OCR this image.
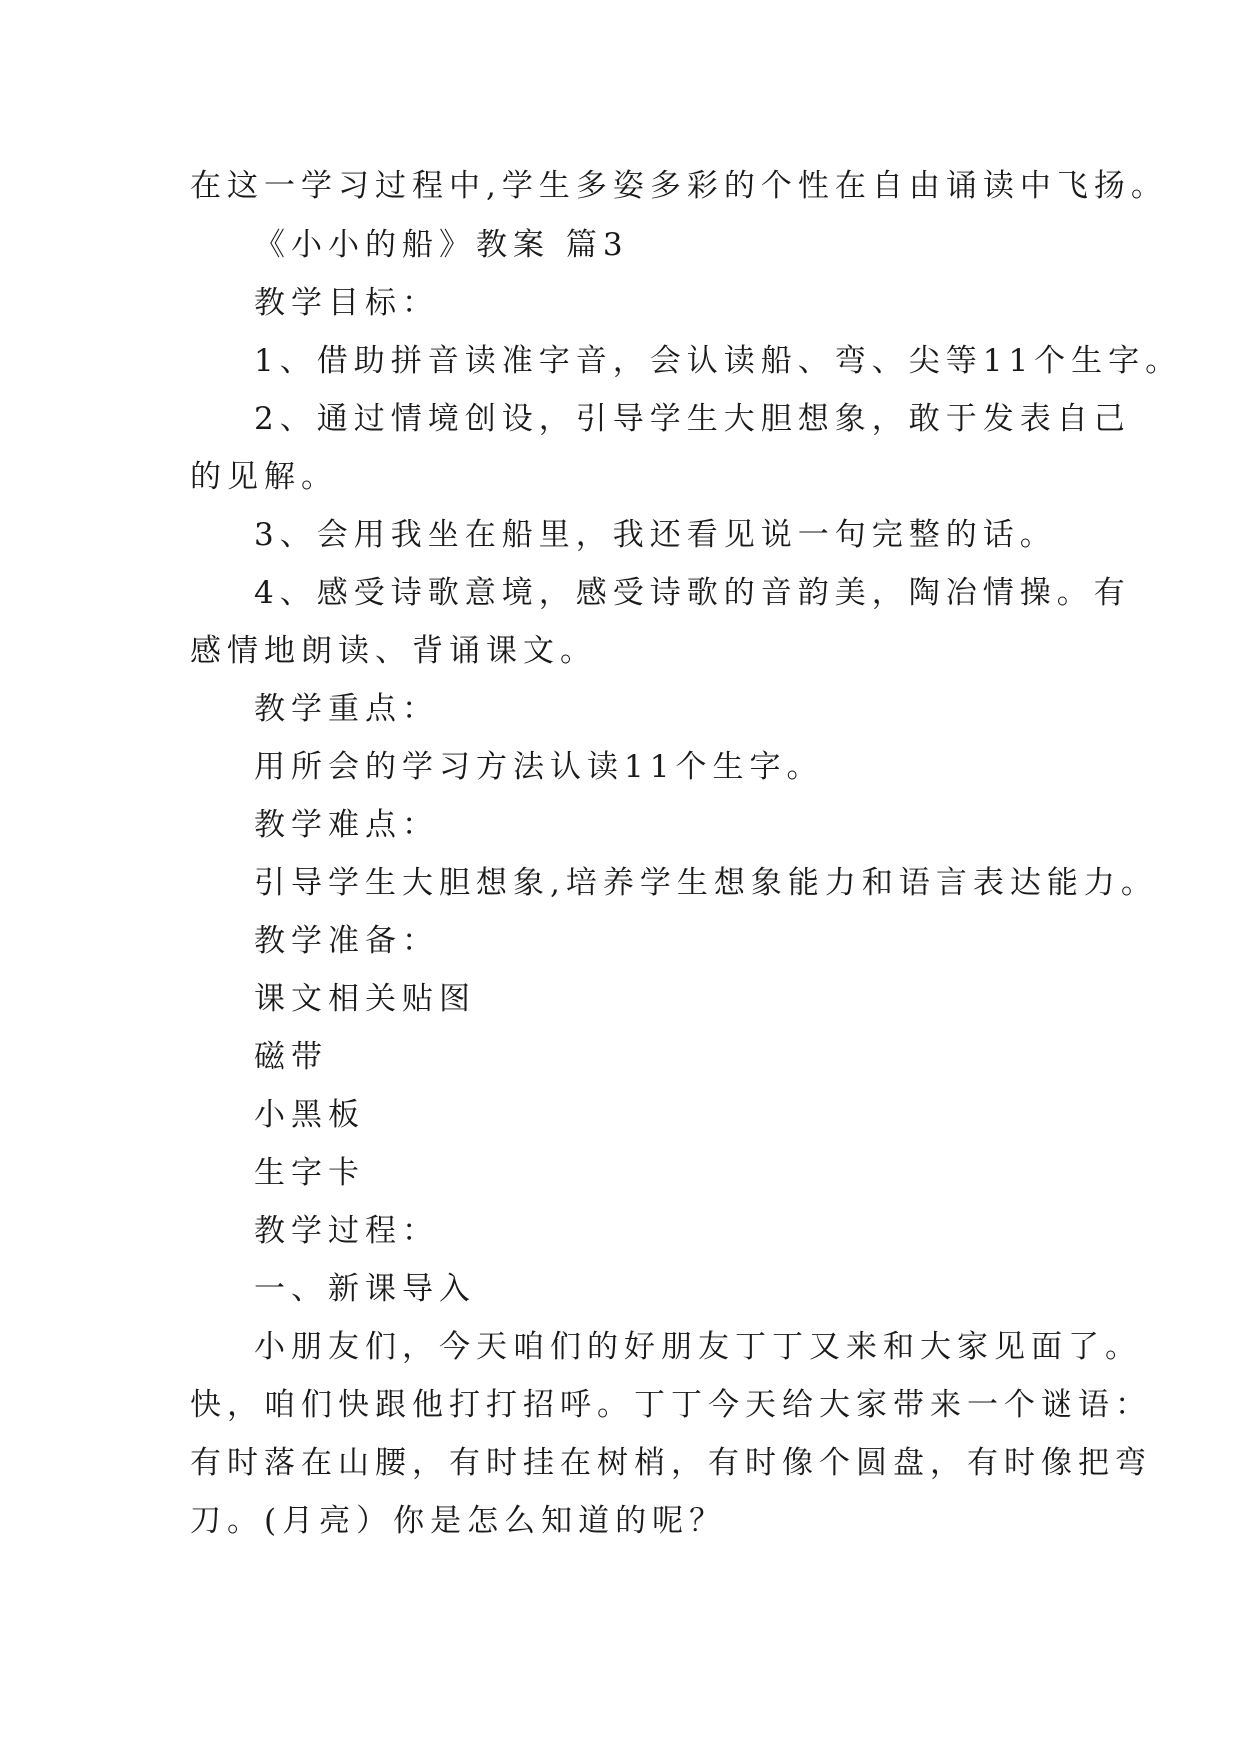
在这一学习过程中,学生多姿多彩的个性在自由诵读中飞扬。
《小小的船》教案 篇3
教学目标：
1、借助拼音读准字音，会认读船、弯、尖等11个生字。
2、通过情境创设，引导学生大胆想象，敢于发表自己
的见解。
3、会用我坐在船里，我还看见说一句完整的话。
4、感受诗歌意境，感受诗歌的音韵美，陶冶情操。有
感情地朗读、背诵课文。
教学重点：
用所会的学习方法认读11个生字。
教学难点：
引导学生大胆想象,培养学生想象能力和语言表达能力。
教学准备：
课文相关贴图
磁带
小黑板
生字卡
教学过程：
一、新课导入
小朋友们，今天咱们的好朋友丁丁又来和大家见面了。
快，咱们快跟他打打招呼。丁丁今天给大家带来一个谜语：
有时落在山腰，有时挂在树梢，有时像个圆盘，有时像把弯
刀。(月亮）你是怎么知道的呢？
